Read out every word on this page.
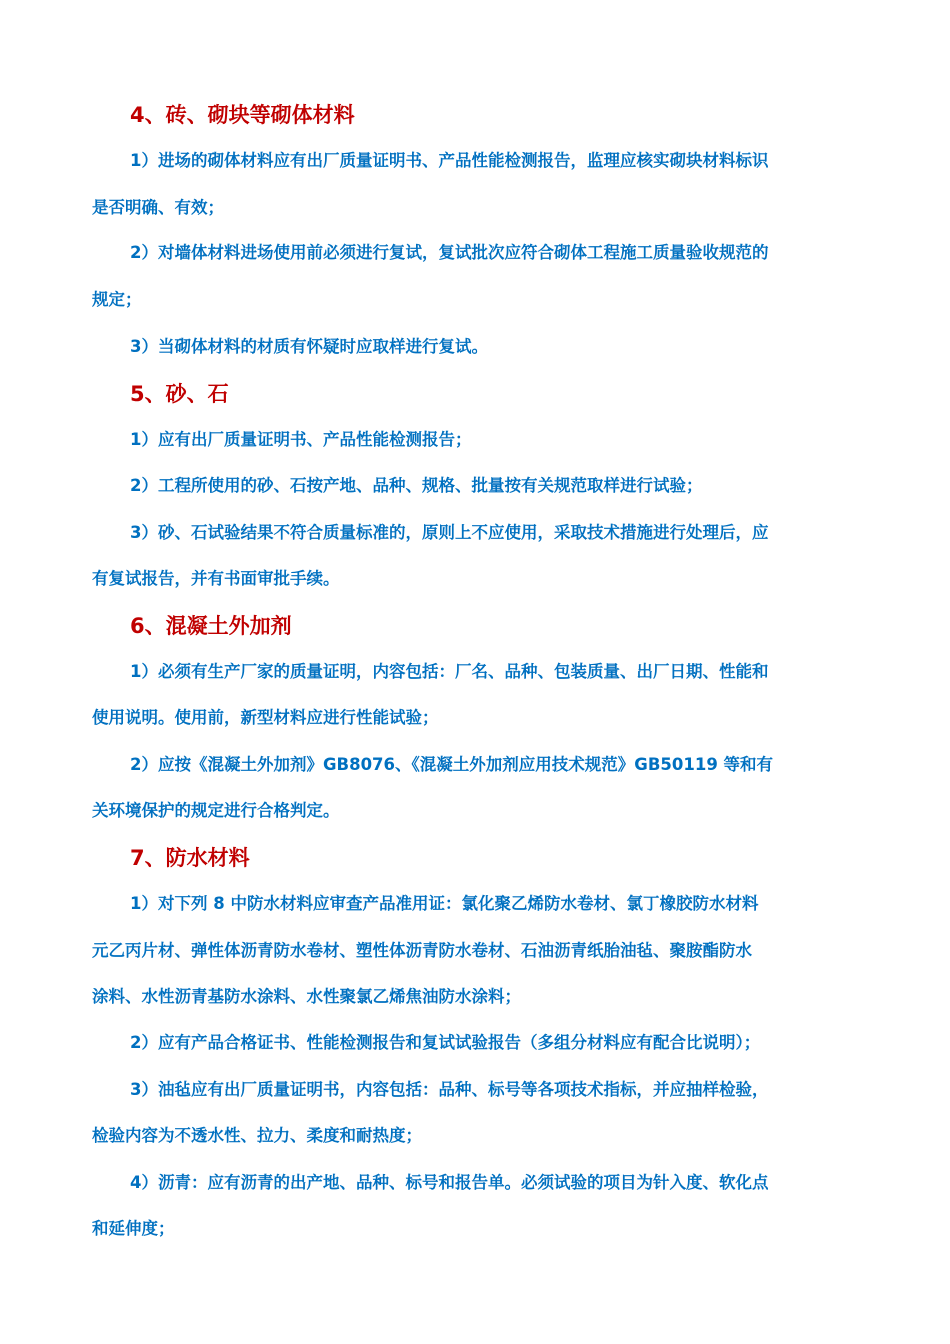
4、砖、砌块等砌体材料
1）进场的砌体材料应有出厂质量证明书、产品性能检测报告，监理应核实砌块材料标识
是否明确、有效；
2）对墙体材料进场使用前必须进行复试，复试批次应符合砌体工程施工质量验收规范的
规定；
3）当砌体材料的材质有怀疑时应取样进行复试。
5、砂、石
1）应有出厂质量证明书、产品性能检测报告；
2）工程所使用的砂、石按产地、品种、规格、批量按有关规范取样进行试验；
3）砂、石试验结果不符合质量标准的，原则上不应使用，采取技术措施进行处理后，应
有复试报告，并有书面审批手续。
6、混凝土外加剂
1）必须有生产厂家的质量证明，内容包括：厂名、品种、包装质量、出厂日期、性能和
使用说明。使用前，新型材料应进行性能试验；
2）应按《混凝土外加剂》GB8076、《混凝土外加剂应用技术规范》GB50119 等和有
关环境保护的规定进行合格判定。
7、防水材料
1）对下列 8 中防水材料应审查产品准用证：氯化聚乙烯防水卷材、氯丁橡胶防水材料
元乙丙片材、弹性体沥青防水卷材、塑性体沥青防水卷材、石油沥青纸胎油毡、聚胺酯防水
涂料、水性沥青基防水涂料、水性聚氯乙烯焦油防水涂料；
2）应有产品合格证书、性能检测报告和复试试验报告（多组分材料应有配合比说明）；
3）油毡应有出厂质量证明书，内容包括：品种、标号等各项技术指标，并应抽样检验，
检验内容为不透水性、拉力、柔度和耐热度；
4）沥青：应有沥青的出产地、品种、标号和报告单。必须试验的项目为针入度、软化点
和延伸度；
